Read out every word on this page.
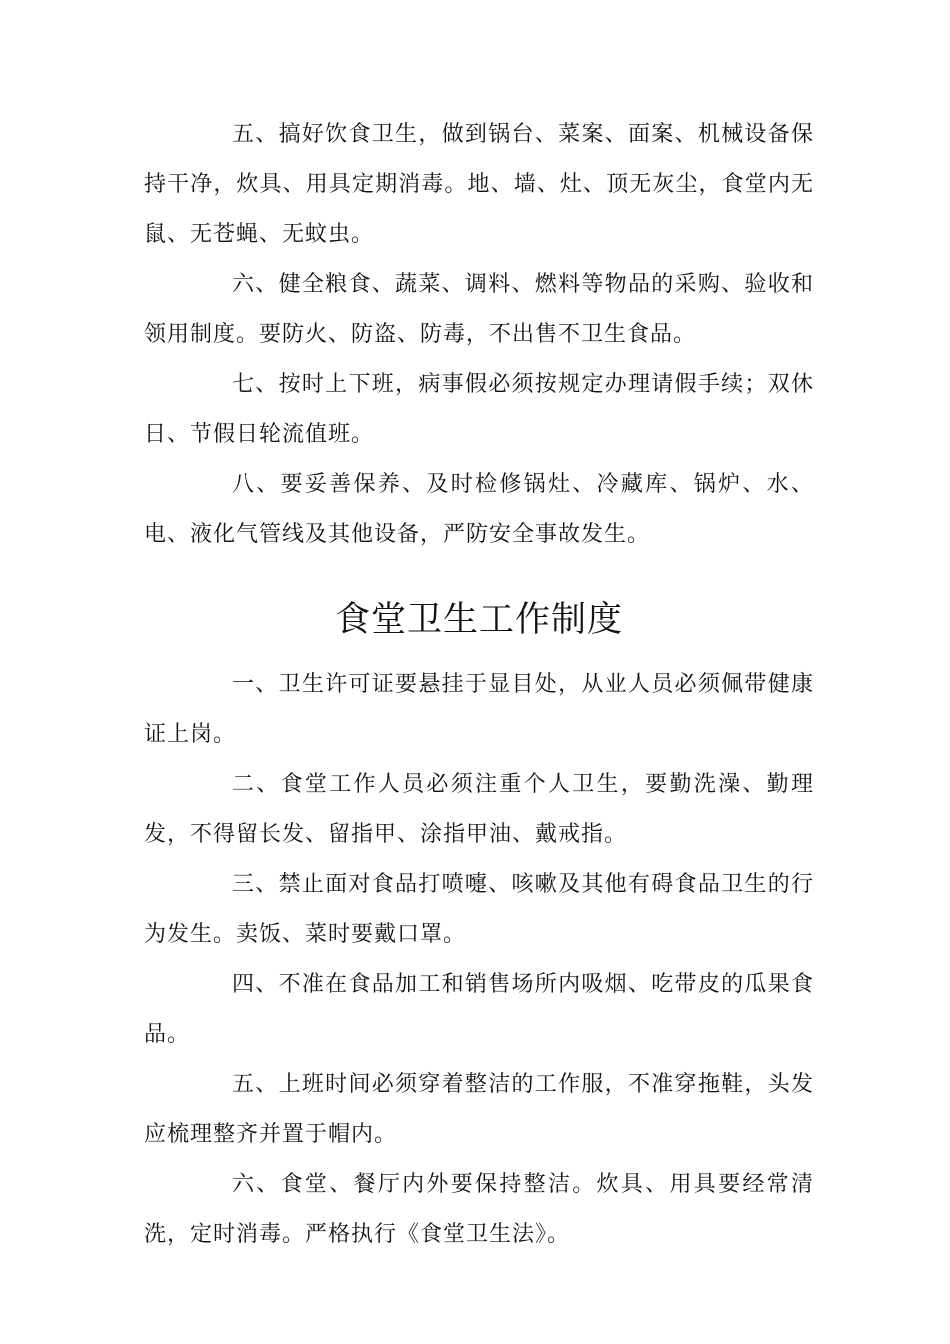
五、搞好饮食卫生，做到锅台、菜案、面案、机械设备保持干净，炊具、用具定期消毒。地、墙、灶、顶无灰尘，食堂内无鼠、无苍蝇、无蚊虫。

六、健全粮食、蔬菜、调料、燃料等物品的采购、验收和领用制度。要防火、防盗、防毒，不出售不卫生食品。

七、按时上下班，病事假必须按规定办理请假手续；双休日、节假日轮流值班。

八、要妥善保养、及时检修锅灶、冷藏库、锅炉、水、电、液化气管线及其他设备，严防安全事故发生。

食堂卫生工作制度

一、卫生许可证要悬挂于显目处，从业人员必须佩带健康证上岗。

二、食堂工作人员必须注重个人卫生，要勤洗澡、勤理发，不得留长发、留指甲、涂指甲油、戴戒指。

三、禁止面对食品打喷嚏、咳嗽及其他有碍食品卫生的行为发生。卖饭、菜时要戴口罩。

四、不准在食品加工和销售场所内吸烟、吃带皮的瓜果食品。

五、上班时间必须穿着整洁的工作服，不准穿拖鞋，头发应梳理整齐并置于帽内。

六、食堂、餐厅内外要保持整洁。炊具、用具要经常清洗，定时消毒。严格执行《食堂卫生法》。
